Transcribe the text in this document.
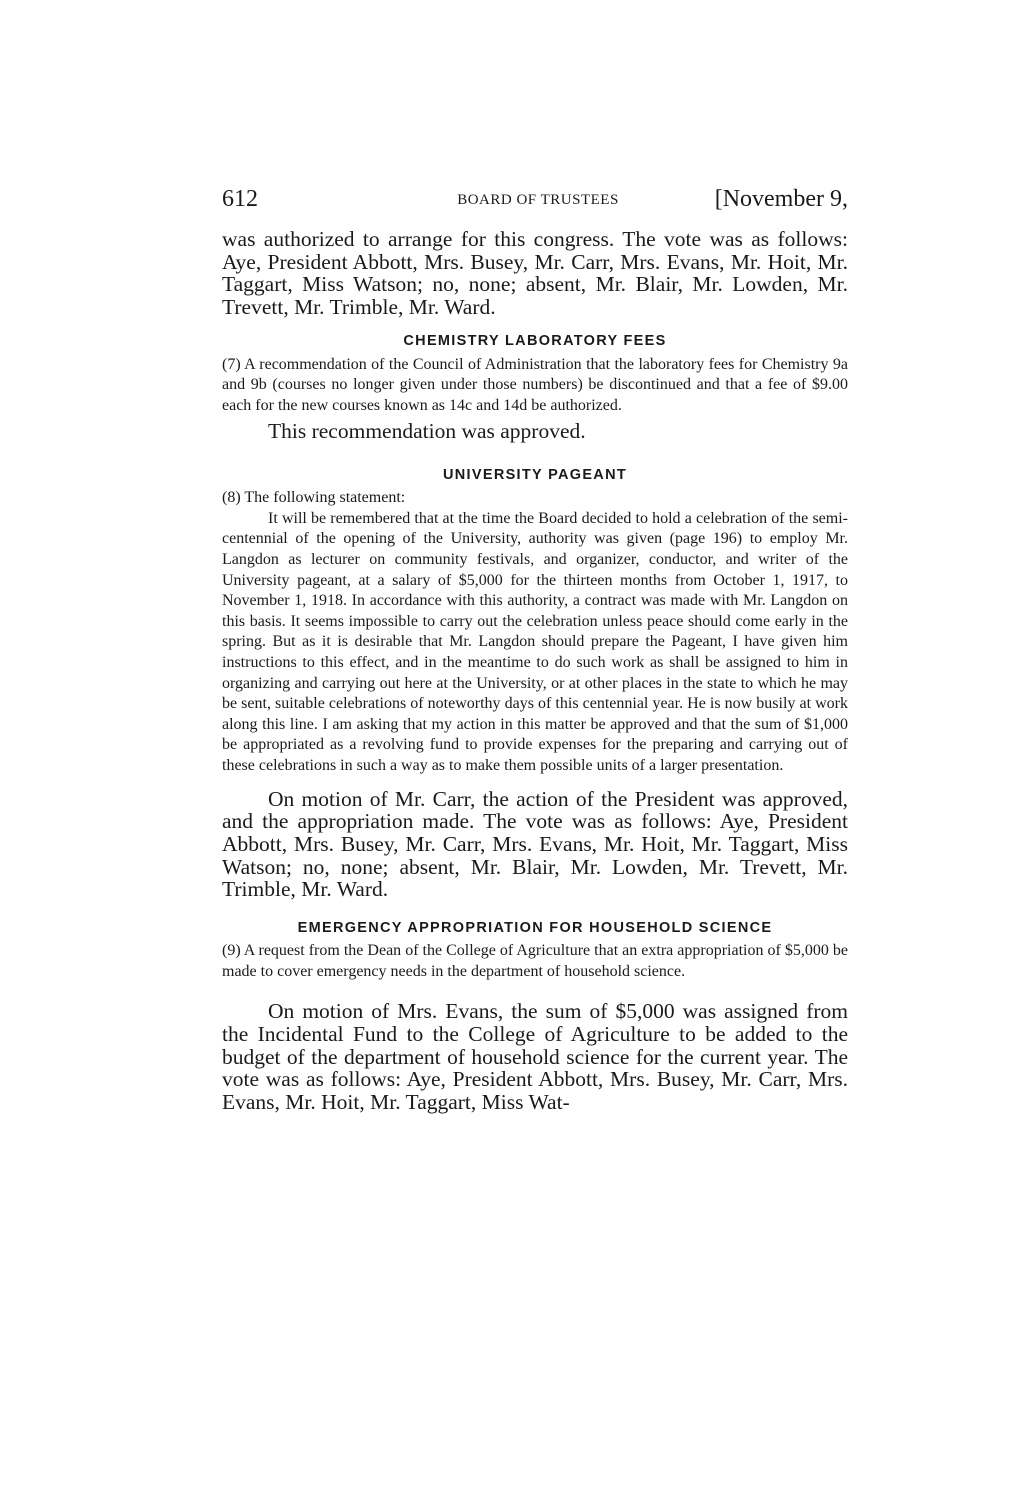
612	BOARD OF TRUSTEES	[November 9,

was authorized to arrange for this congress. The vote was as follows: Aye, President Abbott, Mrs. Busey, Mr. Carr, Mrs. Evans, Mr. Hoit, Mr. Taggart, Miss Watson; no, none; absent, Mr. Blair, Mr. Lowden, Mr. Trevett, Mr. Trimble, Mr. Ward.

CHEMISTRY LABORATORY FEES

(7) A recommendation of the Council of Administration that the laboratory fees for Chemistry 9a and 9b (courses no longer given under those numbers) be discontinued and that a fee of $9.00 each for the new courses known as 14c and 14d be authorized.

This recommendation was approved.

UNIVERSITY PAGEANT

(8) The following statement:

It will be remembered that at the time the Board decided to hold a celebration of the semi-centennial of the opening of the University, authority was given (page 196) to employ Mr. Langdon as lecturer on community festivals, and organizer, conductor, and writer of the University pageant, at a salary of $5,000 for the thirteen months from October 1, 1917, to November 1, 1918. In accordance with this authority, a contract was made with Mr. Langdon on this basis. It seems impossible to carry out the celebration unless peace should come early in the spring. But as it is desirable that Mr. Langdon should prepare the Pageant, I have given him instructions to this effect, and in the meantime to do such work as shall be assigned to him in organizing and carrying out here at the University, or at other places in the state to which he may be sent, suitable celebrations of noteworthy days of this centennial year. He is now busily at work along this line. I am asking that my action in this matter be approved and that the sum of $1,000 be appropriated as a revolving fund to provide expenses for the preparing and carrying out of these celebrations in such a way as to make them possible units of a larger presentation.

On motion of Mr. Carr, the action of the President was approved, and the appropriation made. The vote was as follows: Aye, President Abbott, Mrs. Busey, Mr. Carr, Mrs. Evans, Mr. Hoit, Mr. Taggart, Miss Watson; no, none; absent, Mr. Blair, Mr. Lowden, Mr. Trevett, Mr. Trimble, Mr. Ward.

EMERGENCY APPROPRIATION FOR HOUSEHOLD SCIENCE

(9) A request from the Dean of the College of Agriculture that an extra appropriation of $5,000 be made to cover emergency needs in the department of household science.

On motion of Mrs. Evans, the sum of $5,000 was assigned from the Incidental Fund to the College of Agriculture to be added to the budget of the department of household science for the current year. The vote was as follows: Aye, President Abbott, Mrs. Busey, Mr. Carr, Mrs. Evans, Mr. Hoit, Mr. Taggart, Miss Wat-
